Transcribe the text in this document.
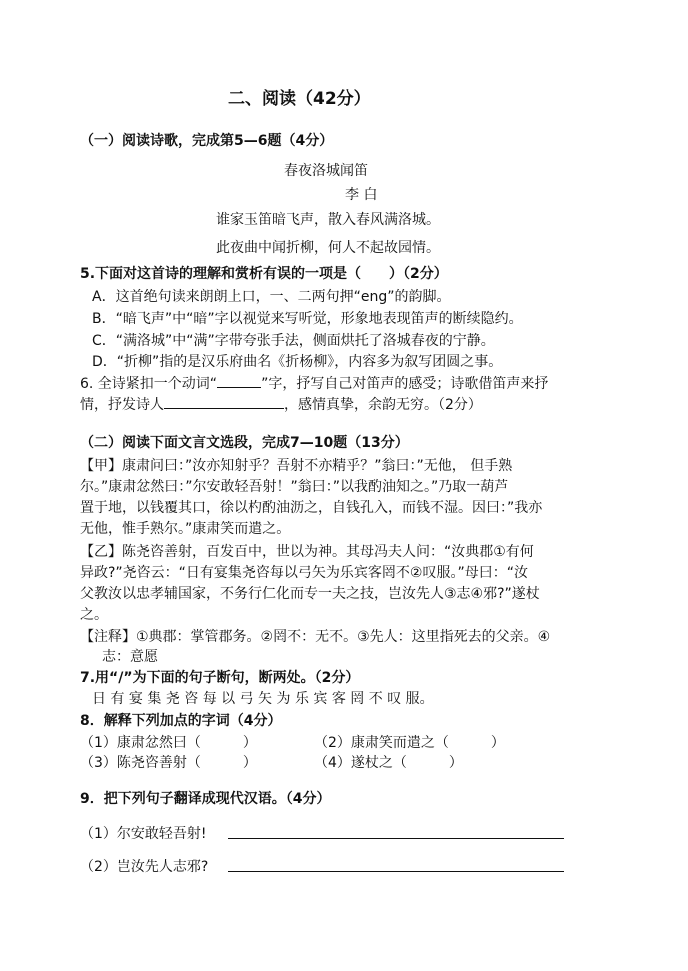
二、阅读（42分）
（一）阅读诗歌，完成第5—6题（4分）
春夜洛城闻笛
李 白
谁家玉笛暗飞声，散入春风满洛城。
此夜曲中闻折柳，何人不起故园情。
5.下面对这首诗的理解和赏析有误的一项是（　　）（2分）
A．这首绝句读来朗朗上口，一、二两句押“eng”的韵脚。
B．“暗飞声”中“暗”字以视觉来写听觉，形象地表现笛声的断续隐约。
C．“满洛城”中“满”字带夸张手法，侧面烘托了洛城春夜的宁静。
D．“折柳”指的是汉乐府曲名《折杨柳》，内容多为叙写团圆之事。
6. 全诗紧扣一个动词“	”字，抒写自己对笛声的感受；诗歌借笛声来抒
情，抒发诗人	，感情真挚，余韵无穷。（2分）
（二）阅读下面文言文选段，完成7—10题（13分）
【甲】康肃问曰：”汝亦知射乎？吾射不亦精乎？”翁曰：”无他， 但手熟
尔。”康肃忿然曰：”尔安敢轻吾射！”翁曰：”以我酌油知之。”乃取一葫芦
置于地，以钱覆其口，徐以杓酌油沥之，自钱孔入，而钱不湿。因曰：”我亦
无他，惟手熟尔。”康肃笑而遣之。
【乙】陈尧咨善射，百发百中，世以为神。其母冯夫人问：“汝典郡①有何
异政?”尧咨云：“日有宴集尧咨每以弓矢为乐宾客罔不②叹服。”母曰：“汝
父教汝以忠孝辅国家，不务行仁化而专一夫之技，岂汝先人③志④邪?”遂杖
之。
【注释】①典郡：掌管郡务。②罔不：无不。③先人：这里指死去的父亲。④
志：意愿
7.用“/”为下面的句子断句，断两处。（2分）
日 有 宴 集 尧 咨 每 以 弓 矢 为 乐 宾 客 罔 不 叹 服。
8．解释下列加点的字词（4分）
（1）康肃忿然曰（　　　）	（2）康肃笑而遣之（　　　）
（3）陈尧咨善射（　　　）	（4）遂杖之（　　　）
9．把下列句子翻译成现代汉语。（4分）
（1）尔安敢轻吾射!
（2）岂汝先人志邪?
